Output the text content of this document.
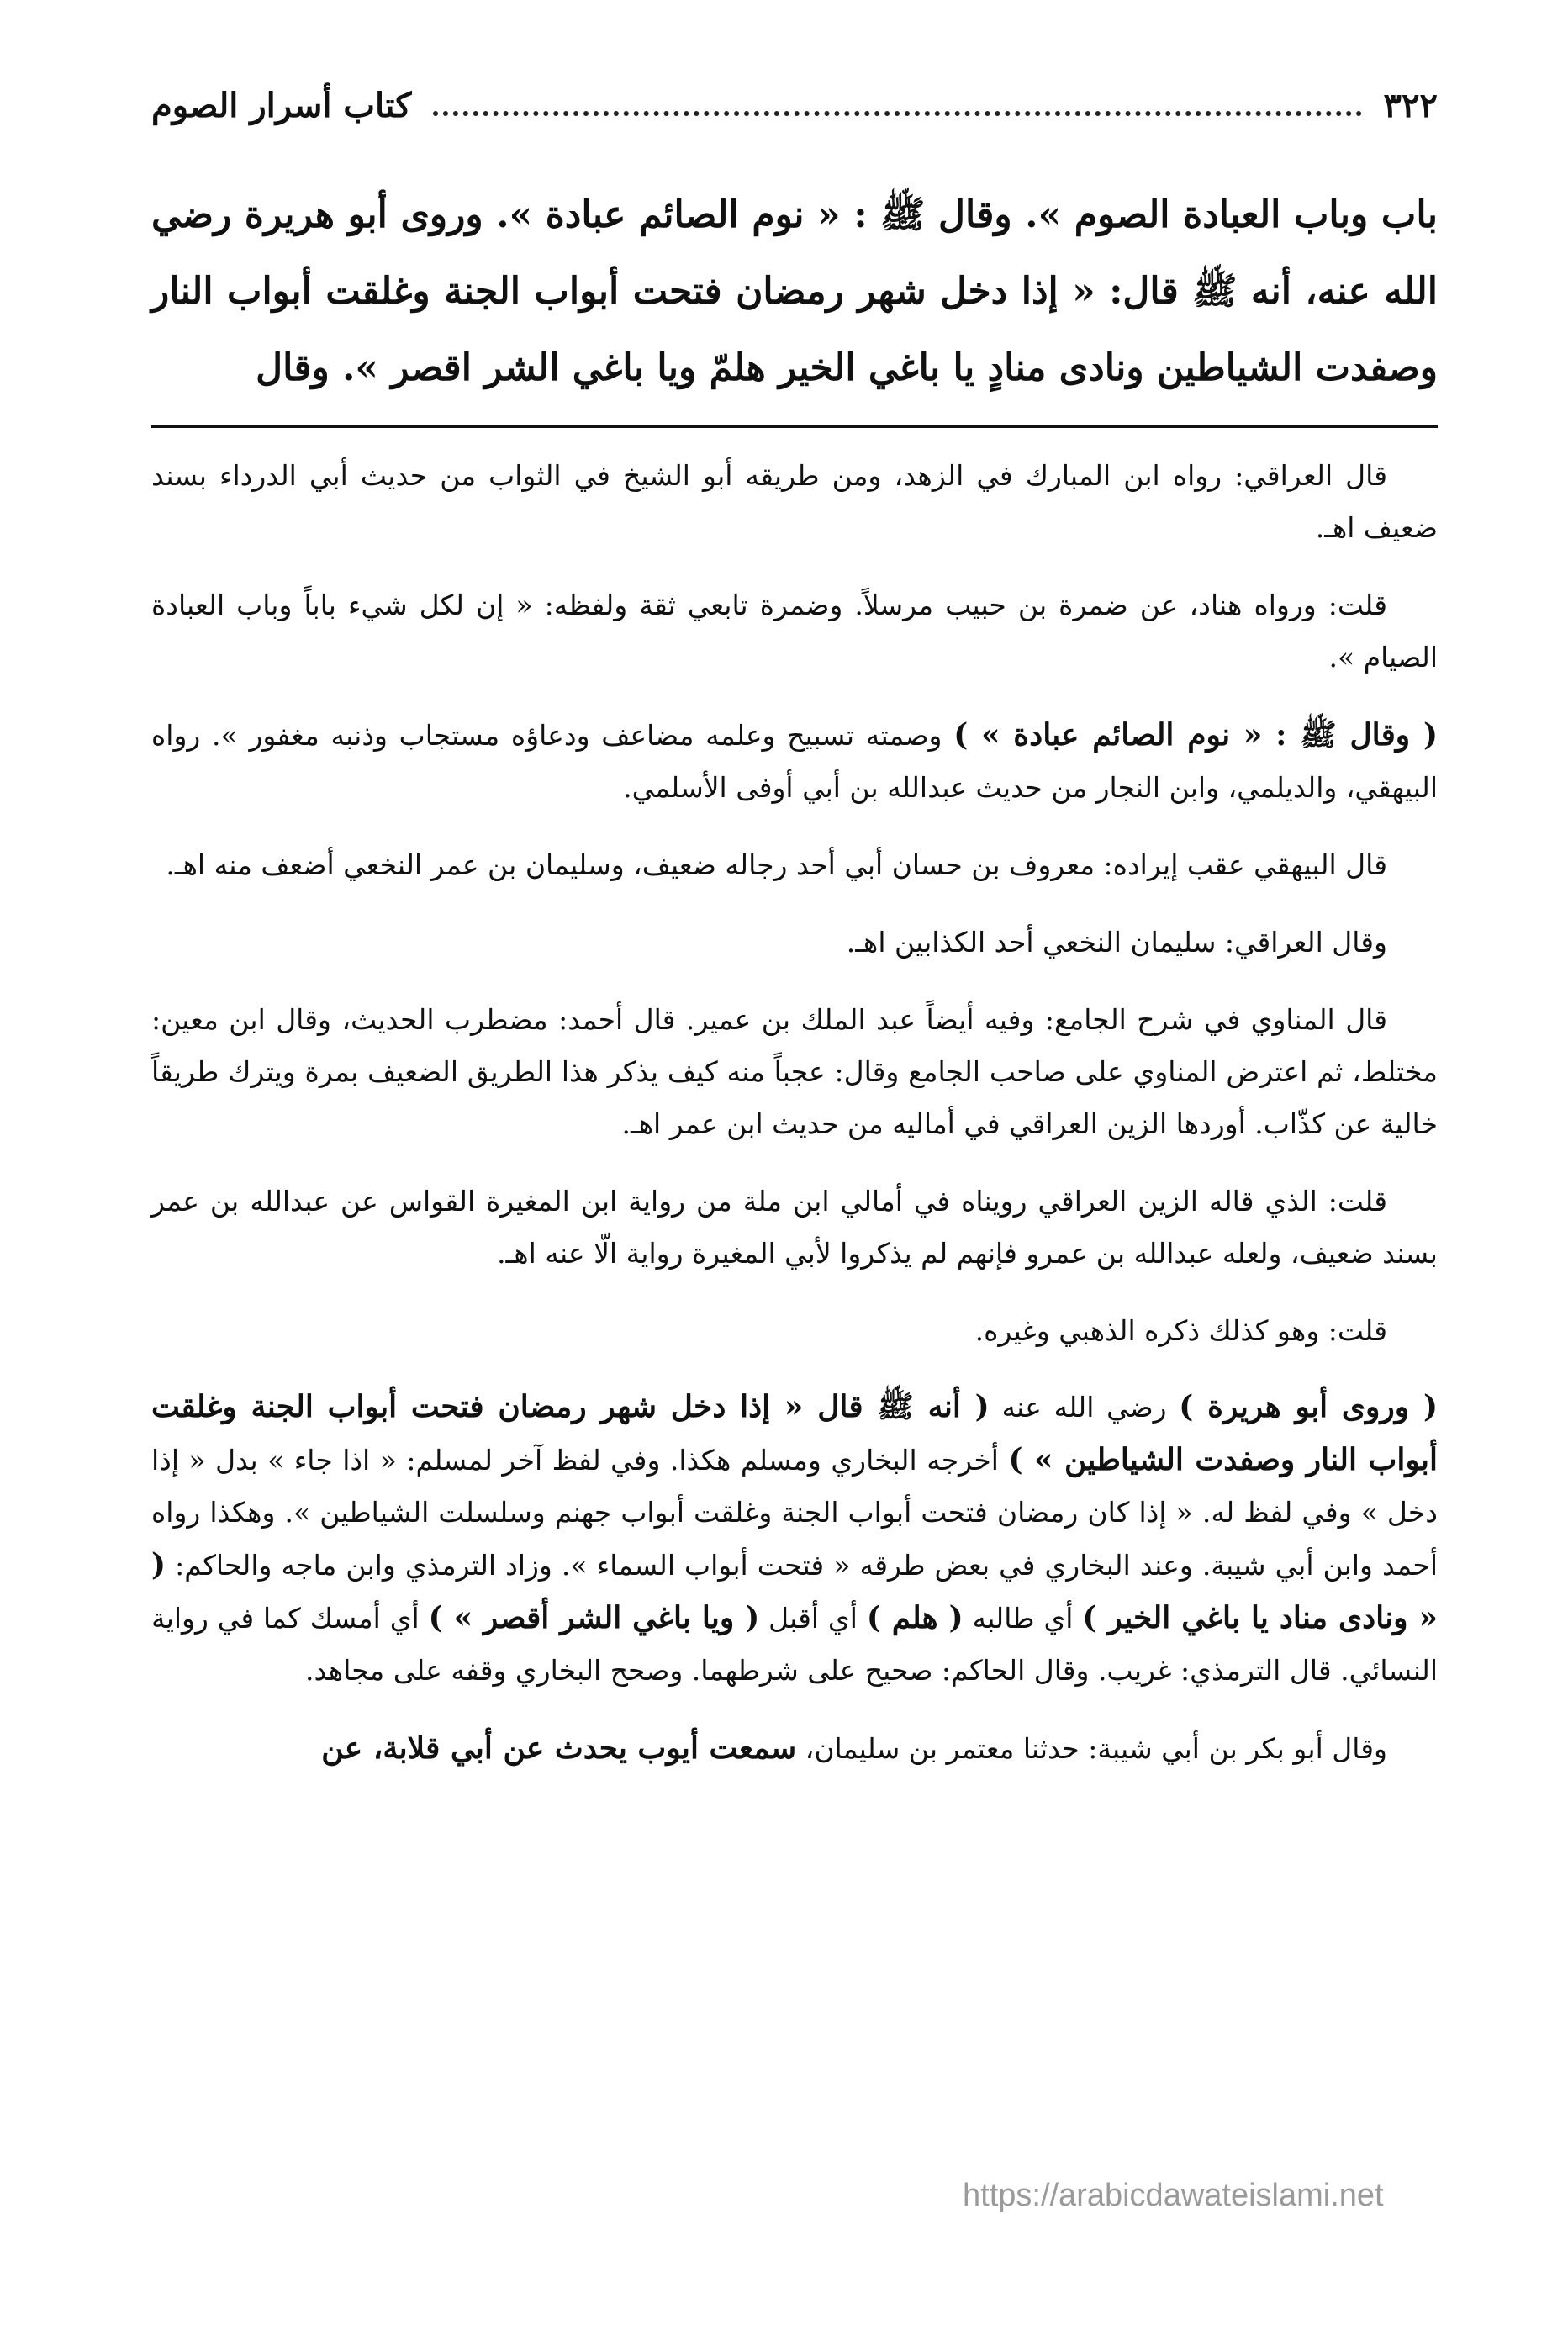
٣٢٢
كتاب أسرار الصوم

باب وباب العبادة الصوم ». وقال ﷺ : « نوم الصائم عبادة ». وروى أبو هريرة رضي الله عنه، أنه ﷺ قال: « إذا دخل شهر رمضان فتحت أبواب الجنة وغلقت أبواب النار وصفدت الشياطين ونادى منادٍ يا باغي الخير هلمّ ويا باغي الشر اقصر ». وقال

قال العراقي: رواه ابن المبارك في الزهد، ومن طريقه أبو الشيخ في الثواب من حديث أبي الدرداء بسند ضعيف اهـ.

قلت: ورواه هناد، عن ضمرة بن حبيب مرسلاً. وضمرة تابعي ثقة ولفظه: « إن لكل شيء باباً وباب العبادة الصيام ».

( وقال ﷺ : « نوم الصائم عبادة » ) وصمته تسبيح وعلمه مضاعف ودعاؤه مستجاب وذنبه مغفور ». رواه البيهقي، والديلمي، وابن النجار من حديث عبدالله بن أبي أوفى الأسلمي.

قال البيهقي عقب إيراده: معروف بن حسان أبي أحد رجاله ضعيف، وسليمان بن عمر النخعي أضعف منه اهـ.

وقال العراقي: سليمان النخعي أحد الكذابين اهـ.

قال المناوي في شرح الجامع: وفيه أيضاً عبد الملك بن عمير. قال أحمد: مضطرب الحديث، وقال ابن معين: مختلط، ثم اعترض المناوي على صاحب الجامع وقال: عجباً منه كيف يذكر هذا الطريق الضعيف بمرة ويترك طريقاً خالية عن كذّاب. أوردها الزين العراقي في أماليه من حديث ابن عمر اهـ.

قلت: الذي قاله الزين العراقي رويناه في أمالي ابن ملة من رواية ابن المغيرة القواس عن عبدالله بن عمر بسند ضعيف، ولعله عبدالله بن عمرو فإنهم لم يذكروا لأبي المغيرة رواية الّا عنه اهـ.

قلت: وهو كذلك ذكره الذهبي وغيره.

( وروى أبو هريرة ) رضي الله عنه ( أنه ﷺ قال « إذا دخل شهر رمضان فتحت أبواب الجنة وغلقت أبواب النار وصفدت الشياطين » ) أخرجه البخاري ومسلم هكذا. وفي لفظ آخر لمسلم: « اذا جاء » بدل « إذا دخل » وفي لفظ له. « إذا كان رمضان فتحت أبواب الجنة وغلقت أبواب جهنم وسلسلت الشياطين ». وهكذا رواه أحمد وابن أبي شيبة. وعند البخاري في بعض طرقه « فتحت أبواب السماء ». وزاد الترمذي وابن ماجه والحاكم: ( « ونادى مناد يا باغي الخير ) أي طالبه ( هلم ) أي أقبل ( ويا باغي الشر أقصر » ) أي أمسك كما في رواية النسائي. قال الترمذي: غريب. وقال الحاكم: صحيح على شرطهما. وصحح البخاري وقفه على مجاهد.

وقال أبو بكر بن أبي شيبة: حدثنا معتمر بن سليمان، سمعت أيوب يحدث عن أبي قلابة، عن

https://arabicdawateislami.net
